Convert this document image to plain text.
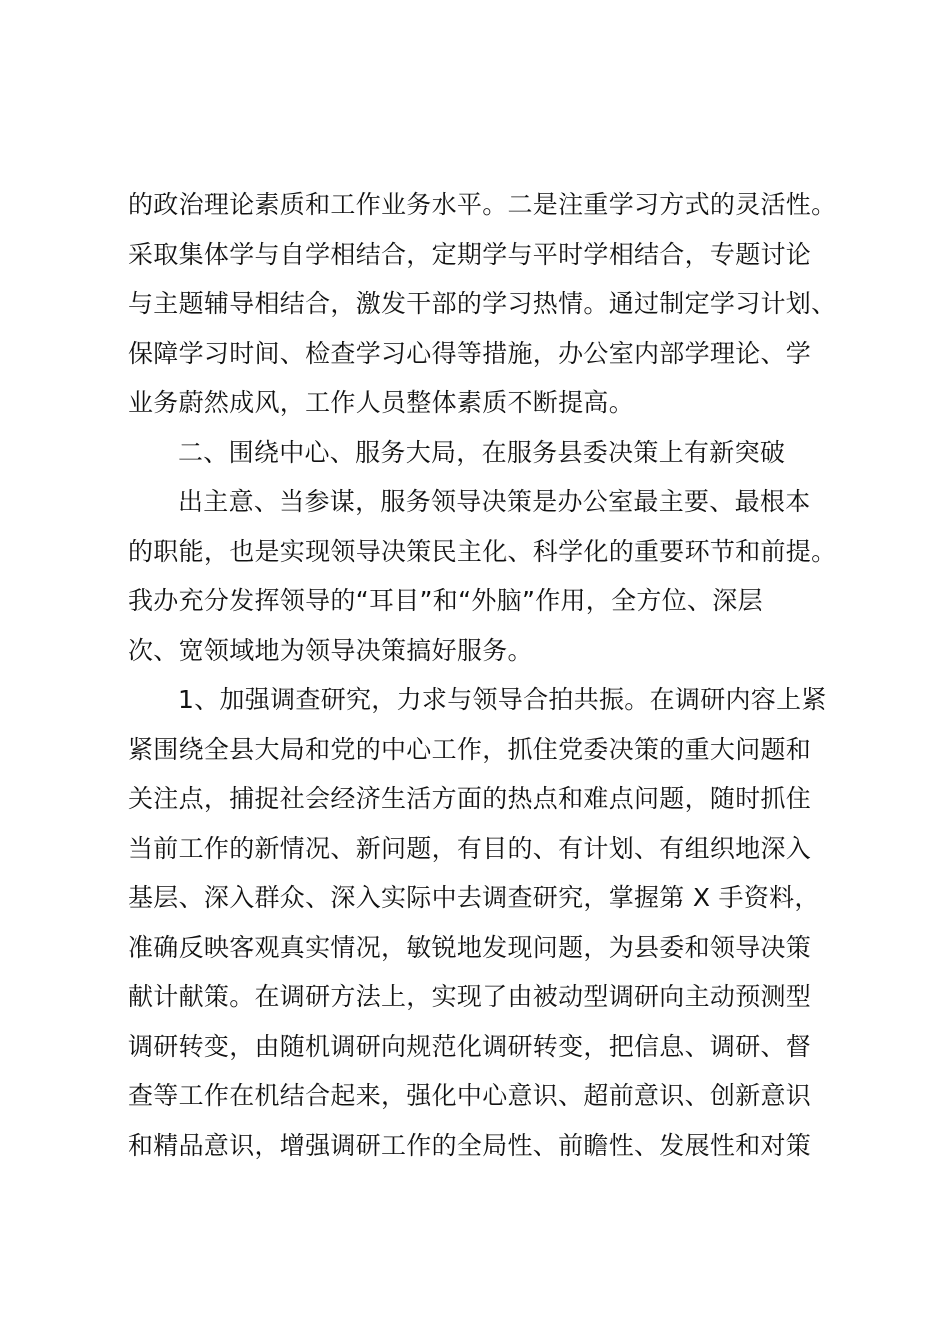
的政治理论素质和工作业务水平。二是注重学习方式的灵活性。
采取集体学与自学相结合，定期学与平时学相结合，专题讨论
与主题辅导相结合，激发干部的学习热情。通过制定学习计划、
保障学习时间、检查学习心得等措施，办公室内部学理论、学
业务蔚然成风，工作人员整体素质不断提高。
二、围绕中心、服务大局，在服务县委决策上有新突破
出主意、当参谋，服务领导决策是办公室最主要、最根本
的职能，也是实现领导决策民主化、科学化的重要环节和前提。
我办充分发挥领导的“耳目”和“外脑”作用，全方位、深层
次、宽领域地为领导决策搞好服务。
1、加强调查研究，力求与领导合拍共振。在调研内容上紧
紧围绕全县大局和党的中心工作，抓住党委决策的重大问题和
关注点，捕捉社会经济生活方面的热点和难点问题，随时抓住
当前工作的新情况、新问题，有目的、有计划、有组织地深入
基层、深入群众、深入实际中去调查研究，掌握第 X 手资料，
准确反映客观真实情况，敏锐地发现问题，为县委和领导决策
献计献策。在调研方法上，实现了由被动型调研向主动预测型
调研转变，由随机调研向规范化调研转变，把信息、调研、督
查等工作在机结合起来，强化中心意识、超前意识、创新意识
和精品意识，增强调研工作的全局性、前瞻性、发展性和对策
